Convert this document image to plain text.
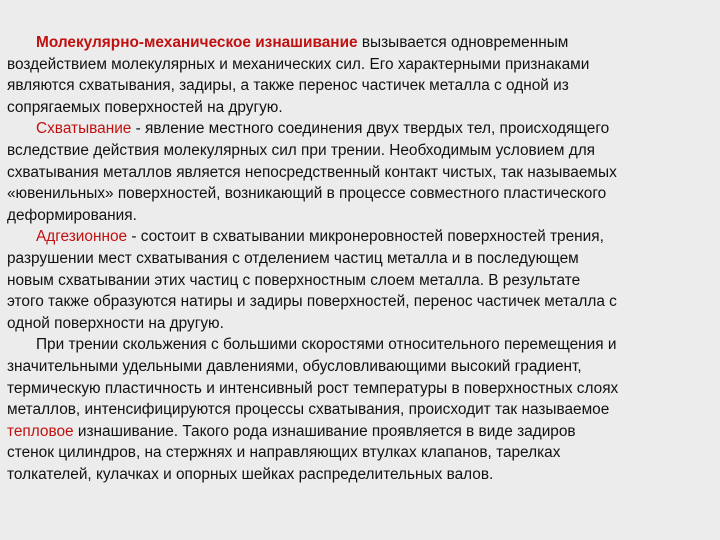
Молекулярно-механическое изнашивание вызывается одновременным
воздействием молекулярных и механических сил. Его характерными признаками
являются схватывания, задиры, а также перенос частичек металла с одной из
сопрягаемых поверхностей на другую.
Схватывание - явление местного соединения двух твердых тел, происходящего
вследствие действия молекулярных сил при трении. Необходимым условием для
схватывания металлов является непосредственный контакт чистых, так называемых
«ювенильных» поверхностей, возникающий в процессе совместного пластического
деформирования.
Адгезионное - состоит в схватывании микронеровностей поверхностей трения,
разрушении мест схватывания с отделением частиц металла и в последующем
новым схватывании этих частиц с поверхностным слоем металла. В результате
этого также образуются натиры и задиры поверхностей, перенос частичек металла с
одной поверхности на другую.
При трении скольжения с большими скоростями относительного перемещения и
значительными удельными давлениями, обусловливающими высокий градиент,
термическую пластичность и интенсивный рост температуры в поверхностных слоях
металлов, интенсифицируются процессы схватывания, происходит так называемое
тепловое изнашивание. Такого рода изнашивание проявляется в виде задиров
стенок цилиндров, на стержнях и направляющих втулках клапанов, тарелках
толкателей, кулачках и опорных шейках распределительных валов.
